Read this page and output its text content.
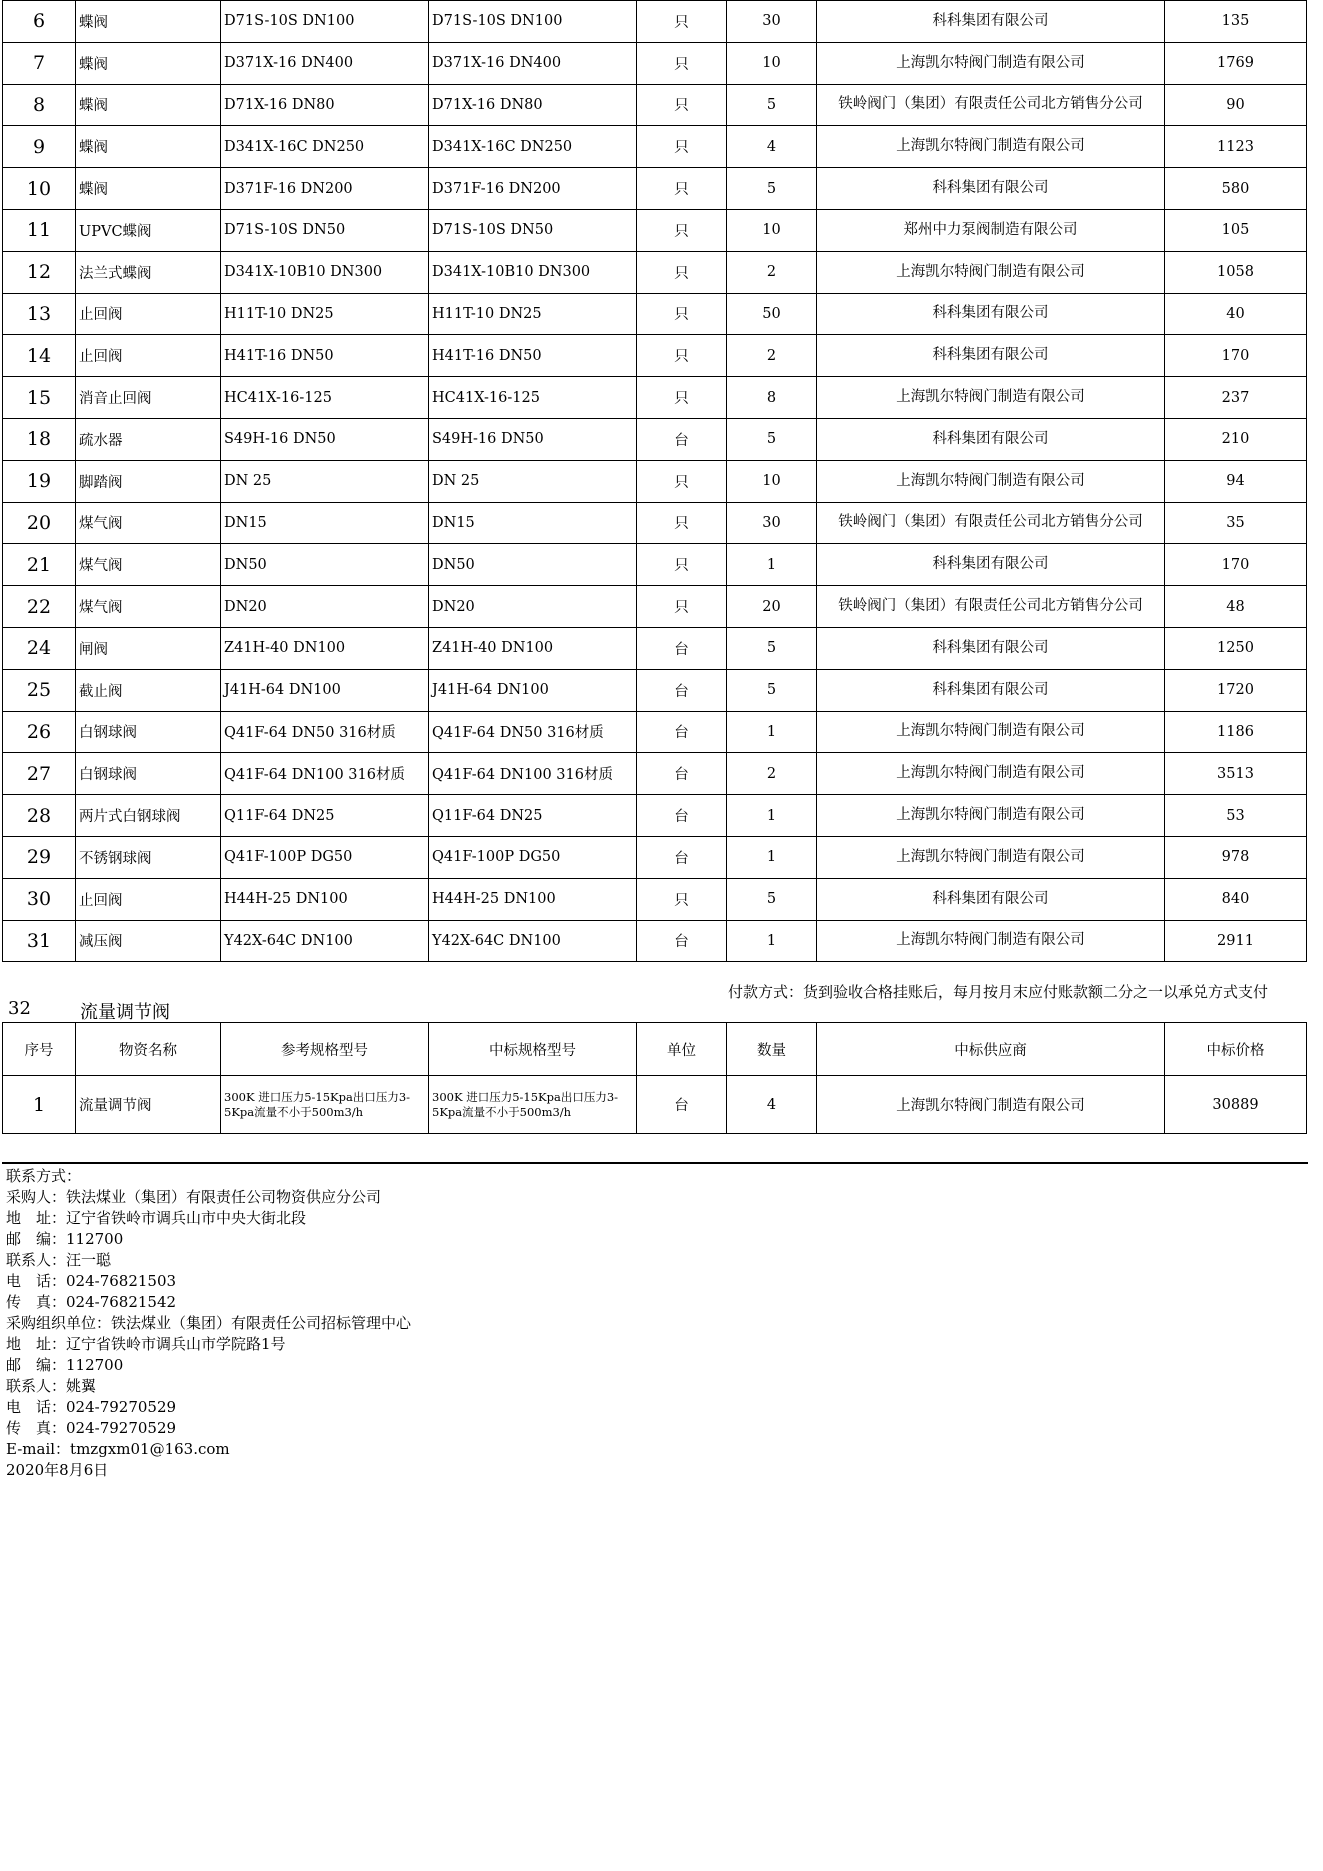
6	蝶阀	D71S-10S DN100	D71S-10S DN100	只	30	科科集团有限公司	135
7	蝶阀	D371X-16 DN400	D371X-16 DN400	只	10	上海凯尔特阀门制造有限公司	1769
8	蝶阀	D71X-16 DN80	D71X-16 DN80	只	5	铁岭阀门（集团）有限责任公司北方销售分公司	90
9	蝶阀	D341X-16C DN250	D341X-16C DN250	只	4	上海凯尔特阀门制造有限公司	1123
10	蝶阀	D371F-16 DN200	D371F-16 DN200	只	5	科科集团有限公司	580
11	UPVC蝶阀	D71S-10S DN50	D71S-10S DN50	只	10	郑州中力泵阀制造有限公司	105
12	法兰式蝶阀	D341X-10B10 DN300	D341X-10B10 DN300	只	2	上海凯尔特阀门制造有限公司	1058
13	止回阀	H11T-10 DN25	H11T-10 DN25	只	50	科科集团有限公司	40
14	止回阀	H41T-16 DN50	H41T-16 DN50	只	2	科科集团有限公司	170
15	消音止回阀	HC41X-16-125	HC41X-16-125	只	8	上海凯尔特阀门制造有限公司	237
18	疏水器	S49H-16 DN50	S49H-16 DN50	台	5	科科集团有限公司	210
19	脚踏阀	DN 25	DN 25	只	10	上海凯尔特阀门制造有限公司	94
20	煤气阀	DN15	DN15	只	30	铁岭阀门（集团）有限责任公司北方销售分公司	35
21	煤气阀	DN50	DN50	只	1	科科集团有限公司	170
22	煤气阀	DN20	DN20	只	20	铁岭阀门（集团）有限责任公司北方销售分公司	48
24	闸阀	Z41H-40 DN100	Z41H-40 DN100	台	5	科科集团有限公司	1250
25	截止阀	J41H-64 DN100	J41H-64 DN100	台	5	科科集团有限公司	1720
26	白钢球阀	Q41F-64 DN50 316材质	Q41F-64 DN50 316材质	台	1	上海凯尔特阀门制造有限公司	1186
27	白钢球阀	Q41F-64 DN100 316材质	Q41F-64 DN100 316材质	台	2	上海凯尔特阀门制造有限公司	3513
28	两片式白钢球阀	Q11F-64 DN25	Q11F-64 DN25	台	1	上海凯尔特阀门制造有限公司	53
29	不锈钢球阀	Q41F-100P DG50	Q41F-100P DG50	台	1	上海凯尔特阀门制造有限公司	978
30	止回阀	H44H-25 DN100	H44H-25 DN100	只	5	科科集团有限公司	840
31	减压阀	Y42X-64C DN100	Y42X-64C DN100	台	1	上海凯尔特阀门制造有限公司	2911
32	流量调节阀
付款方式：货到验收合格挂账后，每月按月末应付账款额二分之一以承兑方式支付
序号	物资名称	参考规格型号	中标规格型号	单位	数量	中标供应商	中标价格
1	流量调节阀	300K 进口压力5-15Kpa出口压力3-5Kpa流量不小于500m3/h	300K 进口压力5-15Kpa出口压力3-5Kpa流量不小于500m3/h	台	4	上海凯尔特阀门制造有限公司	30889
联系方式：
采购人：铁法煤业（集团）有限责任公司物资供应分公司
地　址：辽宁省铁岭市调兵山市中央大街北段
邮　编：112700
联系人：汪一聪
电　话：024-76821503
传　真：024-76821542
采购组织单位：铁法煤业（集团）有限责任公司招标管理中心
地　址：辽宁省铁岭市调兵山市学院路1号
邮　编：112700
联系人：姚翼
电　话：024-79270529
传　真：024-79270529
E-mail：tmzgxm01@163.com
2020年8月6日
